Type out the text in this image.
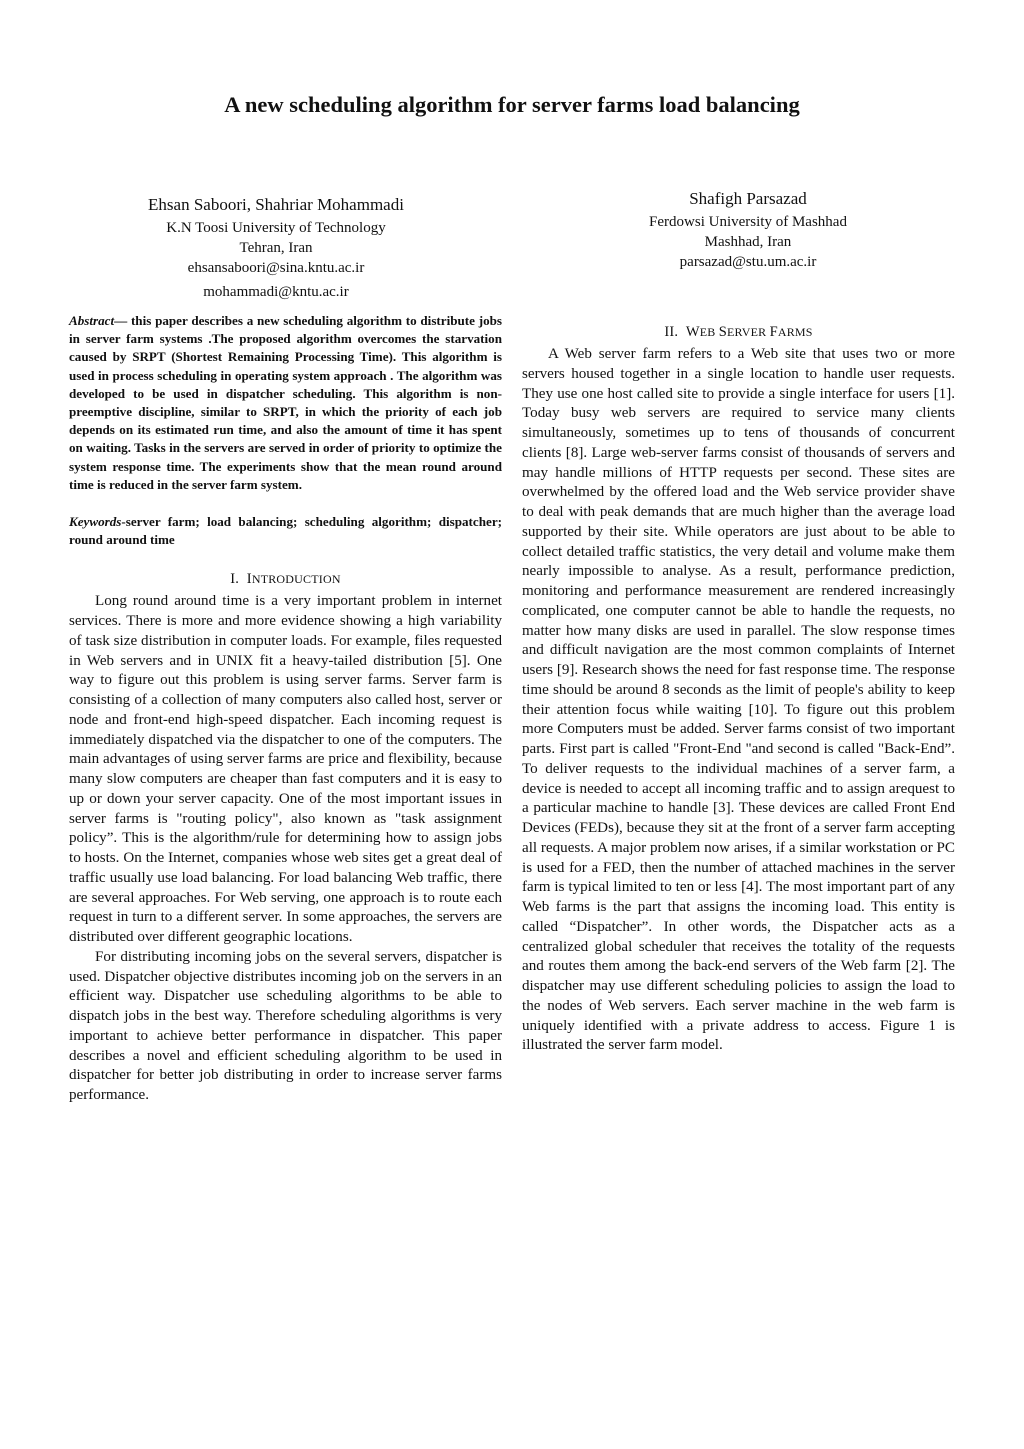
A new scheduling algorithm for server farms load balancing
Ehsan Saboori, Shahriar Mohammadi
K.N Toosi University of Technology
Tehran, Iran
ehsansaboori@sina.kntu.ac.ir
mohammadi@kntu.ac.ir
Shafigh Parsazad
Ferdowsi University of Mashhad
Mashhad, Iran
parsazad@stu.um.ac.ir

Abstract— this paper describes a new scheduling algorithm to distribute jobs in server farm systems .The proposed algorithm overcomes the starvation caused by SRPT (Shortest Remaining Processing Time). This algorithm is used in process scheduling in operating system approach . The algorithm was developed to be used in dispatcher scheduling. This algorithm is non-preemptive discipline, similar to SRPT, in which the priority of each job depends on its estimated run time, and also the amount of time it has spent on waiting. Tasks in the servers are served in order of priority to optimize the system response time. The experiments show that the mean round around time is reduced in the server farm system.

Keywords-server farm; load balancing; scheduling algorithm; dispatcher; round around time

I. INTRODUCTION

Long round around time is a very important problem in internet services. There is more and more evidence showing a high variability of task size distribution in computer loads. For example, files requested in Web servers and in UNIX fit a heavy-tailed distribution [5]. One way to figure out this problem is using server farms. Server farm is consisting of a collection of many computers also called host, server or node and front-end high-speed dispatcher. Each incoming request is immediately dispatched via the dispatcher to one of the computers. The main advantages of using server farms are price and flexibility, because many slow computers are cheaper than fast computers and it is easy to up or down your server capacity. One of the most important issues in server farms is "routing policy", also known as "task assignment policy”. This is the algorithm/rule for determining how to assign jobs to hosts. On the Internet, companies whose web sites get a great deal of traffic usually use load balancing. For load balancing Web traffic, there are several approaches. For Web serving, one approach is to route each request in turn to a different server. In some approaches, the servers are distributed over different geographic locations.

For distributing incoming jobs on the several servers, dispatcher is used. Dispatcher objective distributes incoming job on the servers in an efficient way. Dispatcher use scheduling algorithms to be able to dispatch jobs in the best way. Therefore scheduling algorithms is very important to achieve better performance in dispatcher. This paper describes a novel and efficient scheduling algorithm to be used in dispatcher for better job distributing in order to increase server farms performance.

II. WEB SERVER FARMS

A Web server farm refers to a Web site that uses two or more servers housed together in a single location to handle user requests. They use one host called site to provide a single interface for users [1]. Today busy web servers are required to service many clients simultaneously, sometimes up to tens of thousands of concurrent clients [8]. Large web-server farms consist of thousands of servers and may handle millions of HTTP requests per second. These sites are overwhelmed by the offered load and the Web service provider shave to deal with peak demands that are much higher than the average load supported by their site. While operators are just about to be able to collect detailed traffic statistics, the very detail and volume make them nearly impossible to analyse. As a result, performance prediction, monitoring and performance measurement are rendered increasingly complicated, one computer cannot be able to handle the requests, no matter how many disks are used in parallel. The slow response times and difficult navigation are the most common complaints of Internet users [9]. Research shows the need for fast response time. The response time should be around 8 seconds as the limit of people's ability to keep their attention focus while waiting [10]. To figure out this problem more Computers must be added. Server farms consist of two important parts. First part is called "Front-End "and second is called "Back-End”. To deliver requests to the individual machines of a server farm, a device is needed to accept all incoming traffic and to assign arequest to a particular machine to handle [3]. These devices are called Front End Devices (FEDs), because they sit at the front of a server farm accepting all requests. A major problem now arises, if a similar workstation or PC is used for a FED, then the number of attached machines in the server farm is typical limited to ten or less [4]. The most important part of any Web farms is the part that assigns the incoming load. This entity is called “Dispatcher”. In other words, the Dispatcher acts as a centralized global scheduler that receives the totality of the requests and routes them among the back-end servers of the Web farm [2]. The dispatcher may use different scheduling policies to assign the load to the nodes of Web servers. Each server machine in the web farm is uniquely identified with a private address to access. Figure 1 is illustrated the server farm model.
